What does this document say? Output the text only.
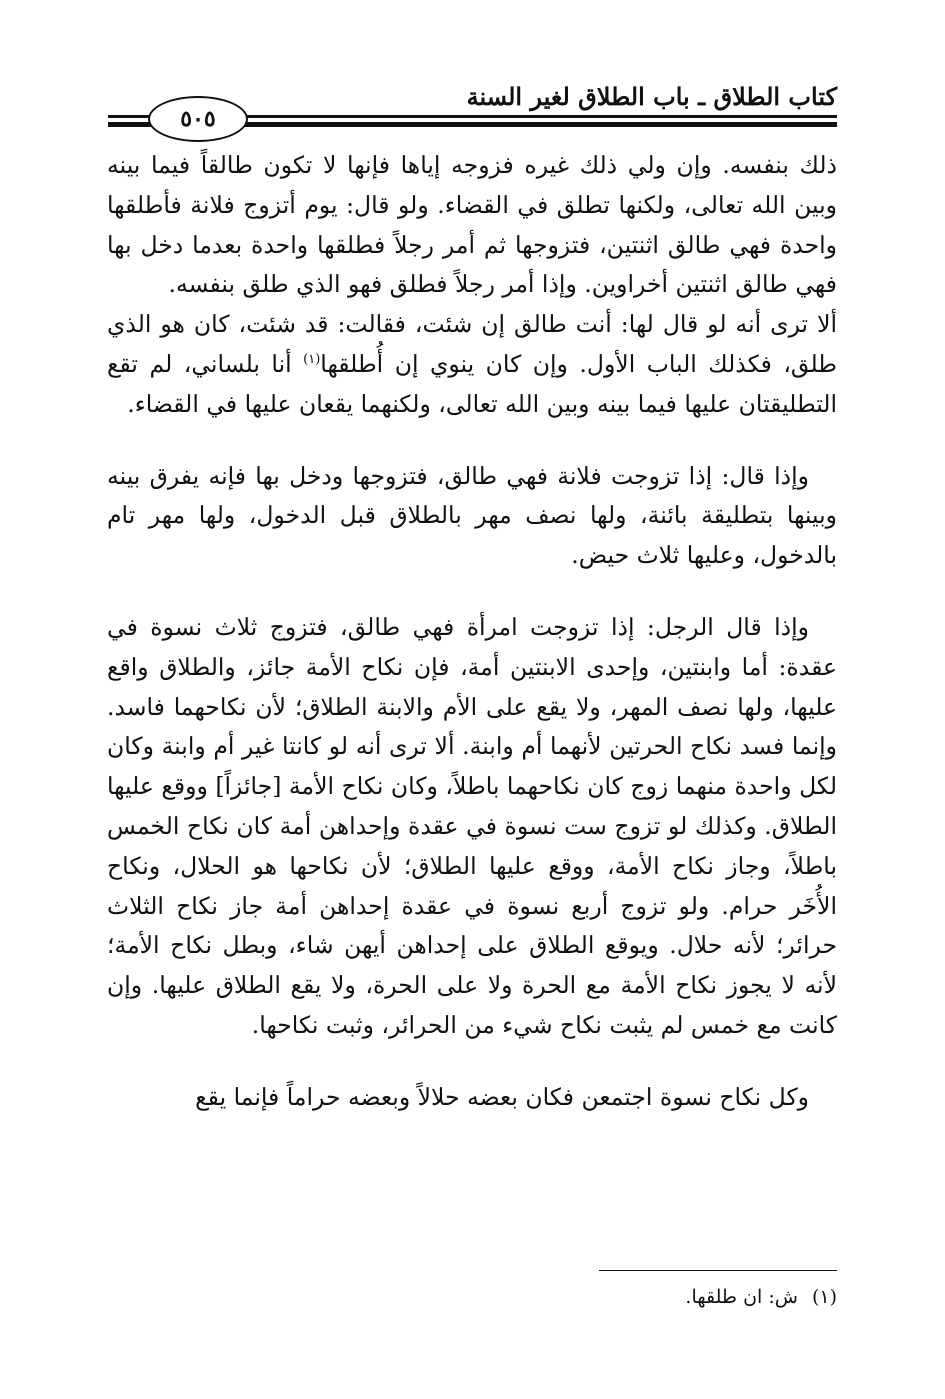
كتاب الطلاق ـ باب الطلاق لغير السنة
٥٠٥

ذلك بنفسه. وإن ولي ذلك غيره فزوجه إياها فإنها لا تكون طالقاً فيما بينه وبين الله تعالى، ولكنها تطلق في القضاء. ولو قال: يوم أتزوج فلانة فأطلقها واحدة فهي طالق اثنتين، فتزوجها ثم أمر رجلاً فطلقها واحدة بعدما دخل بها فهي طالق اثنتين أخراوين. وإذا أمر رجلاً فطلق فهو الذي طلق بنفسه.

ألا ترى أنه لو قال لها: أنت طالق إن شئت، فقالت: قد شئت، كان هو الذي طلق، فكذلك الباب الأول. وإن كان ينوي إن أُطلقها$^{(١)}$ أنا بلساني، لم تقع التطليقتان عليها فيما بينه وبين الله تعالى، ولكنهما يقعان عليها في القضاء.

وإذا قال: إذا تزوجت فلانة فهي طالق، فتزوجها ودخل بها فإنه يفرق بينه وبينها بتطليقة بائنة، ولها نصف مهر بالطلاق قبل الدخول، ولها مهر تام بالدخول، وعليها ثلاث حيض.

وإذا قال الرجل: إذا تزوجت امرأة فهي طالق، فتزوج ثلاث نسوة في عقدة: أما وابنتين، وإحدى الابنتين أمة، فإن نكاح الأمة جائز، والطلاق واقع عليها، ولها نصف المهر، ولا يقع على الأم والابنة الطلاق؛ لأن نكاحهما فاسد. وإنما فسد نكاح الحرتين لأنهما أم وابنة. ألا ترى أنه لو كانتا غير أم وابنة وكان لكل واحدة منهما زوج كان نكاحهما باطلاً، وكان نكاح الأمة [جائزاً] ووقع عليها الطلاق. وكذلك لو تزوج ست نسوة في عقدة وإحداهن أمة كان نكاح الخمس باطلاً، وجاز نكاح الأمة، ووقع عليها الطلاق؛ لأن نكاحها هو الحلال، ونكاح الأُخَر حرام. ولو تزوج أربع نسوة في عقدة إحداهن أمة جاز نكاح الثلاث حرائر؛ لأنه حلال. ويوقع الطلاق على إحداهن أيهن شاء، وبطل نكاح الأمة؛ لأنه لا يجوز نكاح الأمة مع الحرة ولا على الحرة، ولا يقع الطلاق عليها. وإن كانت مع خمس لم يثبت نكاح شيء من الحرائر، وثبت نكاحها.

وكل نكاح نسوة اجتمعن فكان بعضه حلالاً وبعضه حراماً فإنما يقع

(١)ش: ان طلقها.
